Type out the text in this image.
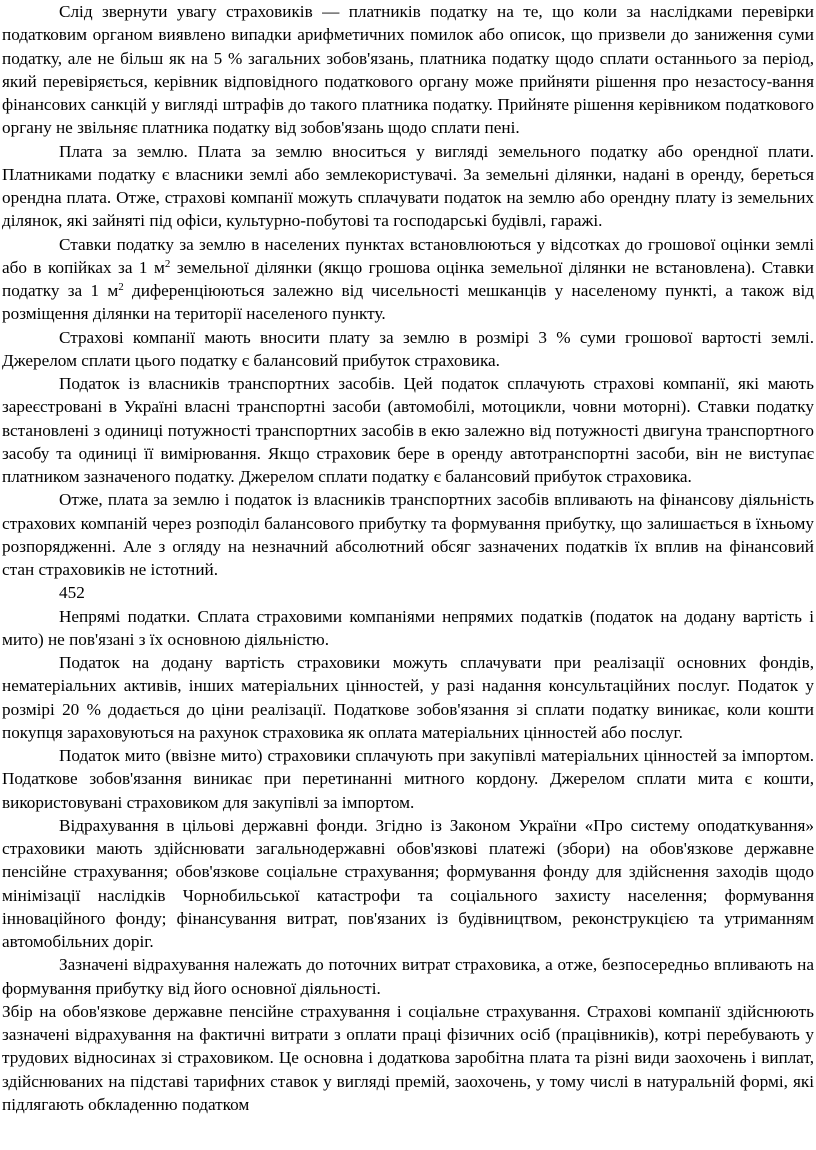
Слід звернути увагу страховиків — платників податку на те, що коли за наслідками перевірки податковим органом виявлено випадки арифметичних помилок або описок, що призвели до заниження суми податку, але не більш як на 5 % загальних зобов'язань, платника податку щодо сплати останнього за період, який перевіряється, керівник відповідного податкового органу може прийняти рішення про незастосу-вання фінансових санкцій у вигляді штрафів до такого платника податку. Прийняте рішення керівником податкового органу не звільняє платника податку від зобов'язань щодо сплати пені.

Плата за землю. Плата за землю вноситься у вигляді земельного податку або орендної плати. Платниками податку є власники землі або землекористувачі. За земельні ділянки, надані в оренду, береться орендна плата. Отже, страхові компанії можуть сплачувати податок на землю або орендну плату із земельних ділянок, які зайняті під офіси, культурно-побутові та господарські будівлі, гаражі.

Ставки податку за землю в населених пунктах встановлюються у відсотках до грошової оцінки землі або в копійках за 1 $м^2$ земельної ділянки (якщо грошова оцінка земельної ділянки не встановлена). Ставки податку за 1 $м^2$ диференціюються залежно від чисельності мешканців у населеному пункті, а також від розміщення ділянки на території населеного пункту.

Страхові компанії мають вносити плату за землю в розмірі 3 % суми грошової вартості землі. Джерелом сплати цього податку є балансовий прибуток страховика.

Податок із власників транспортних засобів. Цей податок сплачують страхові компанії, які мають зареєстровані в Україні власні транспортні засоби (автомобілі, мотоцикли, човни моторні). Ставки податку встановлені з одиниці потужності транспортних засобів в екю залежно від потужності двигуна транспортного засобу та одиниці її вимірювання. Якщо страховик бере в оренду автотранспортні засоби, він не виступає платником зазначеного податку. Джерелом сплати податку є балансовий прибуток страховика.

Отже, плата за землю і податок із власників транспортних засобів впливають на фінансову діяльність страхових компаній через розподіл балансового прибутку та формування прибутку, що залишається в їхньому розпорядженні. Але з огляду на незначний абсолютний обсяг зазначених податків їх вплив на фінансовий стан страховиків не істотний.

452

Непрямі податки. Сплата страховими компаніями непрямих податків (податок на додану вартість і мито) не пов'язані з їх основною діяльністю.

Податок на додану вартість страховики можуть сплачувати при реалізації основних фондів, нематеріальних активів, інших матеріальних цінностей, у разі надання консультаційних послуг. Податок у розмірі 20 % додається до ціни реалізації. Податкове зобов'язання зі сплати податку виникає, коли кошти покупця зараховуються на рахунок страховика як оплата матеріальних цінностей або послуг.

Податок мито (ввізне мито) страховики сплачують при закупівлі матеріальних цінностей за імпортом. Податкове зобов'язання виникає при перетинанні митного кордону. Джерелом сплати мита є кошти, використовувані страховиком для закупівлі за імпортом.

Відрахування в цільові державні фонди. Згідно із Законом України «Про систему оподаткування» страховики мають здійснювати загальнодержавні обов'язкові платежі (збори) на обов'язкове державне пенсійне страхування; обов'язкове соціальне страхування; формування фонду для здійснення заходів щодо мінімізації наслідків Чорнобильської катастрофи та соціального захисту населення; формування інноваційного фонду; фінансування витрат, пов'язаних із будівництвом, реконструкцією та утриманням автомобільних доріг.

Зазначені відрахування належать до поточних витрат страховика, а отже, безпосередньо впливають на формування прибутку від його основної діяльності.

Збір на обов'язкове державне пенсійне страхування і соціальне страхування. Страхові компанії здійснюють зазначені відрахування на фактичні витрати з оплати праці фізичних осіб (працівників), котрі перебувають у трудових відносинах зі страховиком. Це основна і додаткова заробітна плата та різні види заохочень і виплат, здійснюваних на підставі тарифних ставок у вигляді премій, заохочень, у тому числі в натуральній формі, які підлягають обкладенню податком
